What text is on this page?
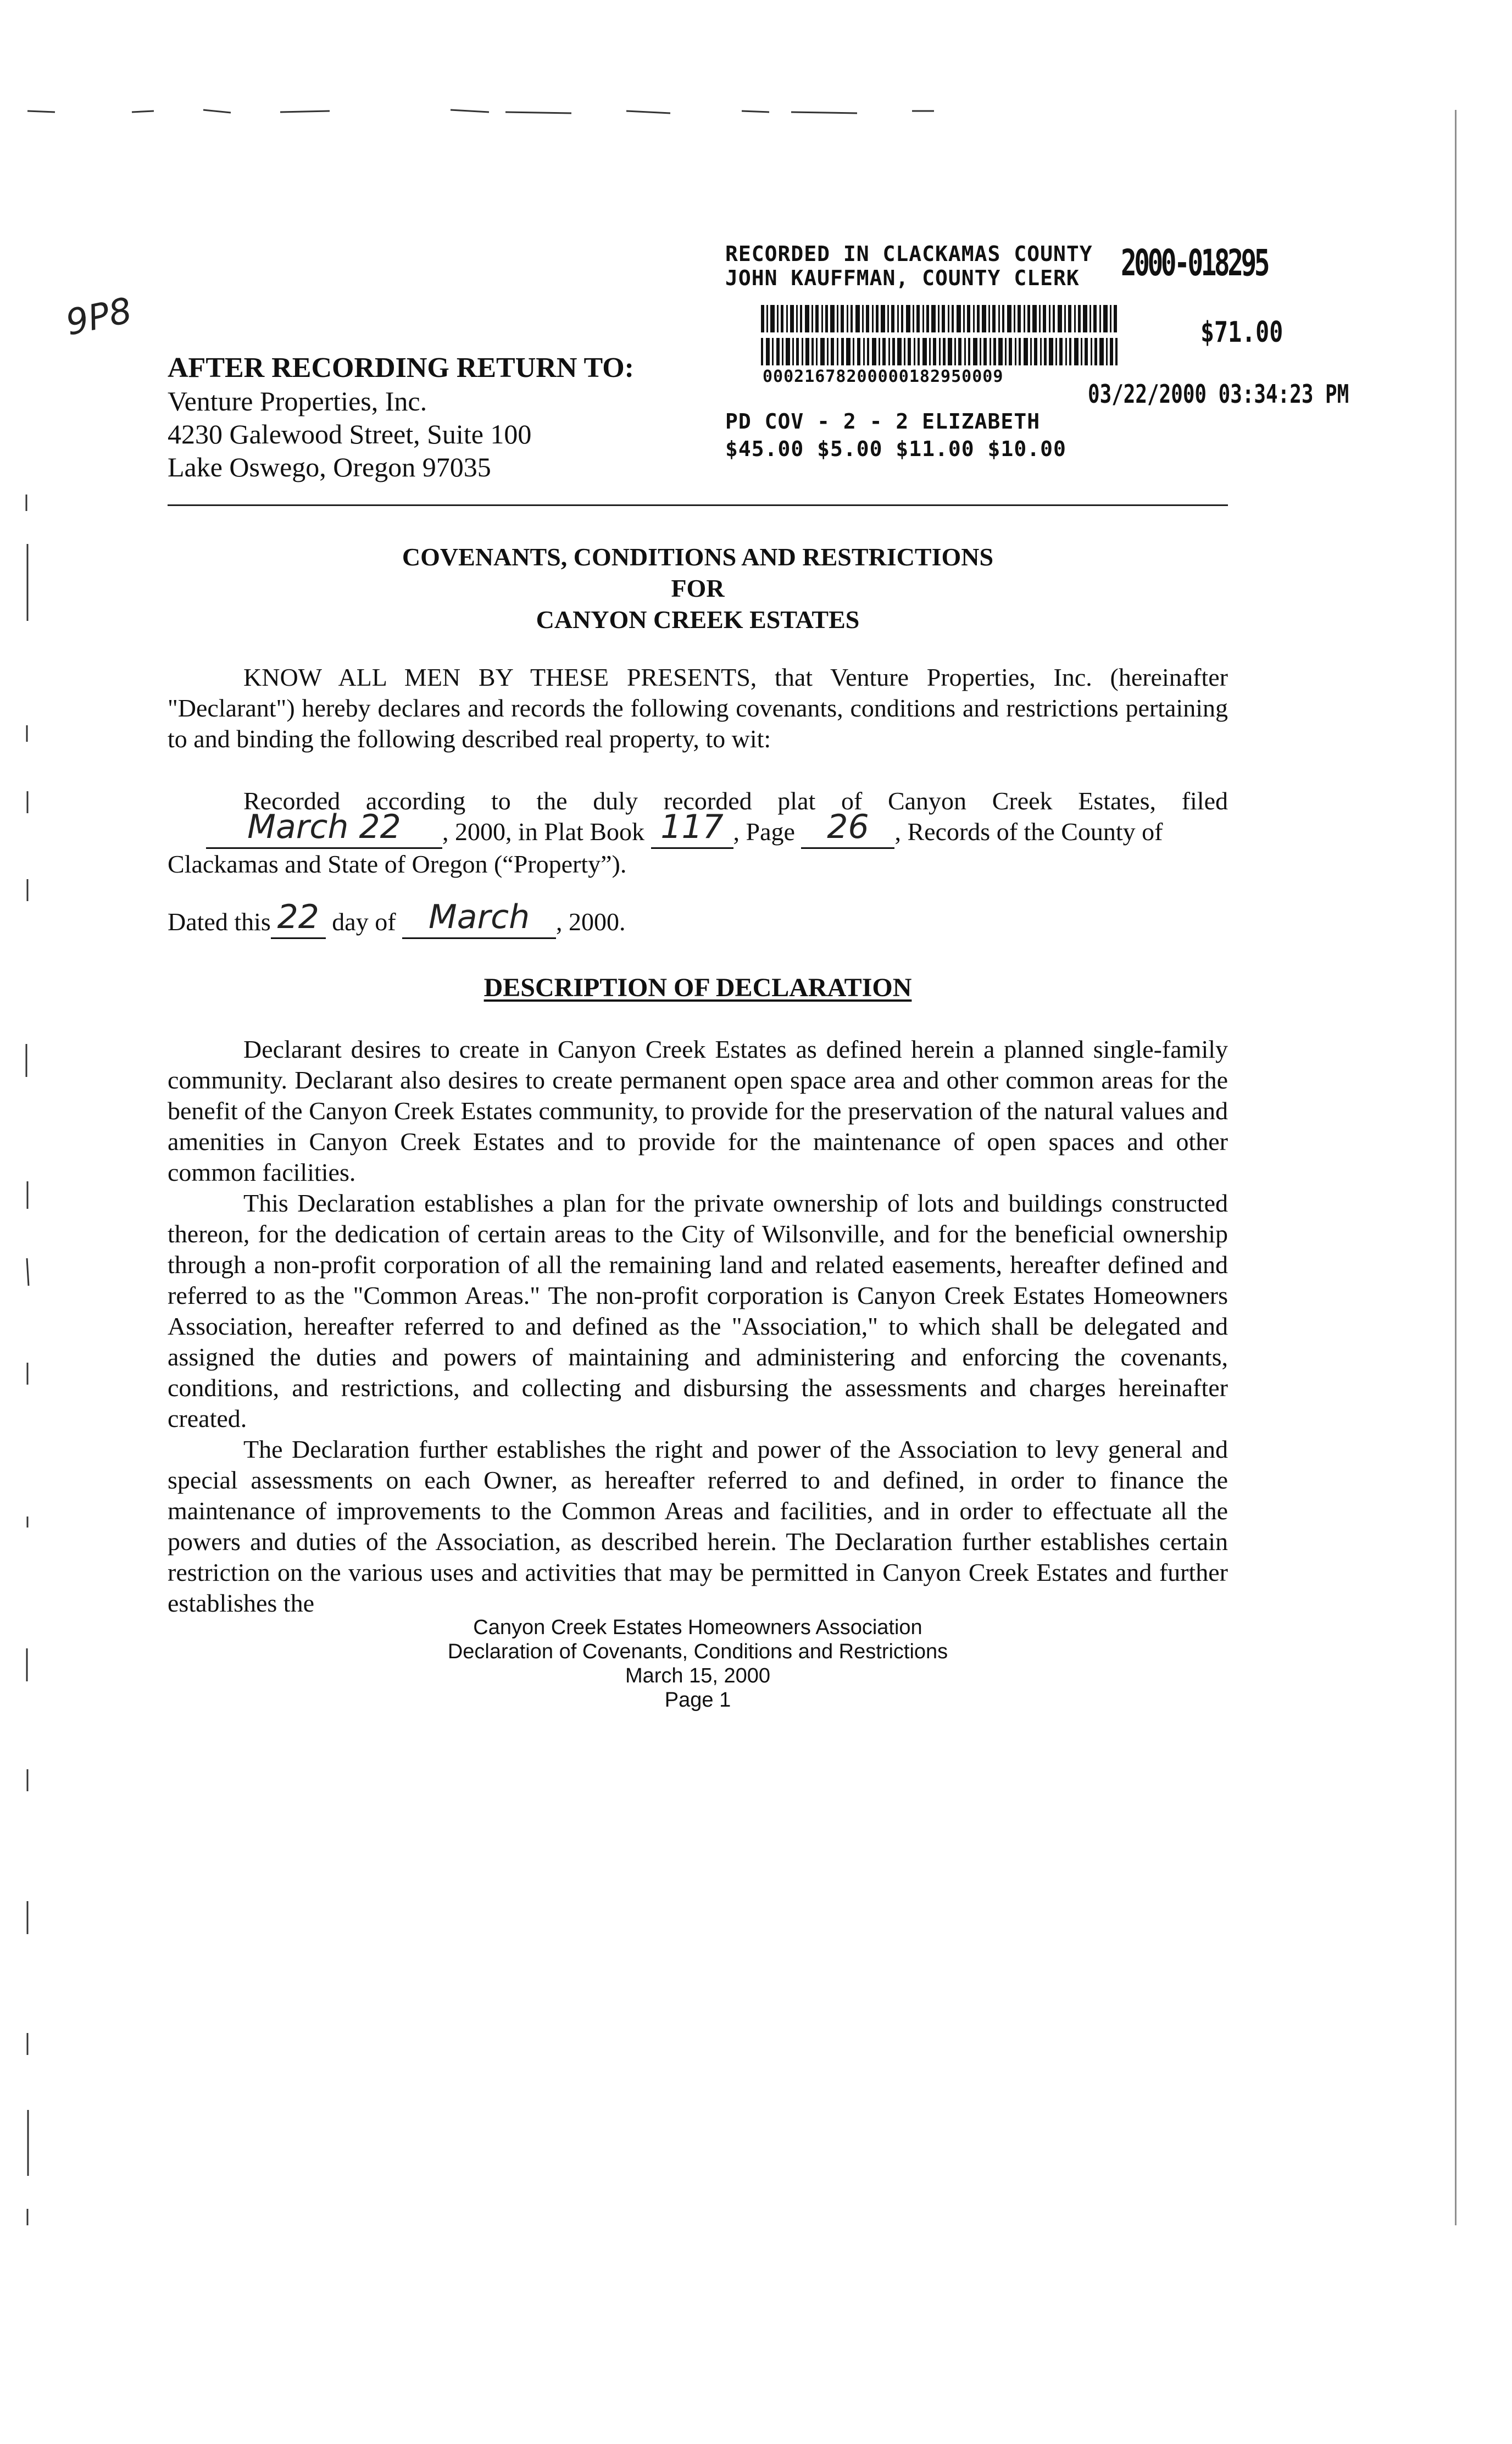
9P8
RECORDED IN CLACKAMAS COUNTY
JOHN KAUFFMAN, COUNTY CLERK	2000-018295
00021678200000182950009
$71.00
03/22/2000 03:34:23 PM
PD COV - 2 - 2 ELIZABETH
$45.00 $5.00 $11.00 $10.00
AFTER RECORDING RETURN TO:
Venture Properties, Inc.
4230 Galewood Street, Suite 100
Lake Oswego, Oregon 97035
COVENANTS, CONDITIONS AND RESTRICTIONS
FOR
CANYON CREEK ESTATES

KNOW ALL MEN BY THESE PRESENTS, that Venture Properties, Inc. (hereinafter "Declarant") hereby declares and records the following covenants, conditions and restrictions pertaining to and binding the following described real property, to wit:

Recorded according to the duly recorded plat of Canyon Creek Estates, filed
March 22 , 2000, in Plat Book 117 , Page 26 , Records of the County of
Clackamas and State of Oregon (“Property”).
Dated this 22 day of March , 2000.
DESCRIPTION OF DECLARATION

Declarant desires to create in Canyon Creek Estates as defined herein a planned single-family community. Declarant also desires to create permanent open space area and other common areas for the benefit of the Canyon Creek Estates community, to provide for the preservation of the natural values and amenities in Canyon Creek Estates and to provide for the maintenance of open spaces and other common facilities.

This Declaration establishes a plan for the private ownership of lots and buildings constructed thereon, for the dedication of certain areas to the City of Wilsonville, and for the beneficial ownership through a non-profit corporation of all the remaining land and related easements, hereafter defined and referred to as the "Common Areas." The non-profit corporation is Canyon Creek Estates Homeowners Association, hereafter referred to and defined as the "Association," to which shall be delegated and assigned the duties and powers of maintaining and administering and enforcing the covenants, conditions, and restrictions, and collecting and disbursing the assessments and charges hereinafter created.

The Declaration further establishes the right and power of the Association to levy general and special assessments on each Owner, as hereafter referred to and defined, in order to finance the maintenance of improvements to the Common Areas and facilities, and in order to effectuate all the powers and duties of the Association, as described herein. The Declaration further establishes certain restriction on the various uses and activities that may be permitted in Canyon Creek Estates and further establishes the

Canyon Creek Estates Homeowners Association
Declaration of Covenants, Conditions and Restrictions
March 15, 2000
Page 1
